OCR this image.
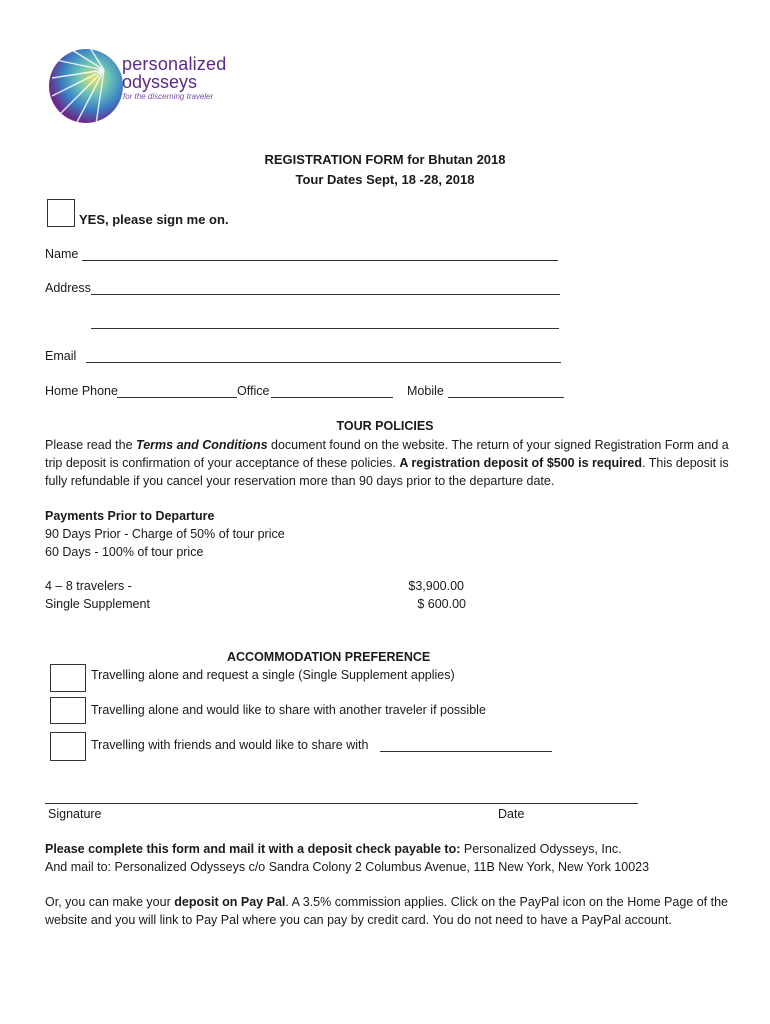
personalized
odysseys
for the discerning traveler
REGISTRATION FORM for Bhutan 2018
Tour Dates Sept, 18 -28, 2018
YES, please sign me on.
Name
Address
Email
Home Phone	Office	Mobile
TOUR POLICIES
Please read the Terms and Conditions document found on the website. The return of your signed Registration Form and a trip deposit is confirmation of your acceptance of these policies. A registration deposit of $500 is required. This deposit is fully refundable if you cancel your reservation more than 90 days prior to the departure date.
Payments Prior to Departure
90 Days Prior - Charge of 50% of tour price
60 Days - 100% of tour price
4 – 8 travelers -	$3,900.00
Single Supplement	$ 600.00
ACCOMMODATION PREFERENCE
Travelling alone and request a single (Single Supplement applies)
Travelling alone and would like to share with another traveler if possible
Travelling with friends and would like to share with
Signature	Date
Please complete this form and mail it with a deposit check payable to: Personalized Odysseys, Inc.
And mail to: Personalized Odysseys c/o Sandra Colony 2 Columbus Avenue, 11B New York, New York 10023
Or, you can make your deposit on Pay Pal. A 3.5% commission applies. Click on the PayPal icon on the Home Page of the website and you will link to Pay Pal where you can pay by credit card. You do not need to have a PayPal account.
